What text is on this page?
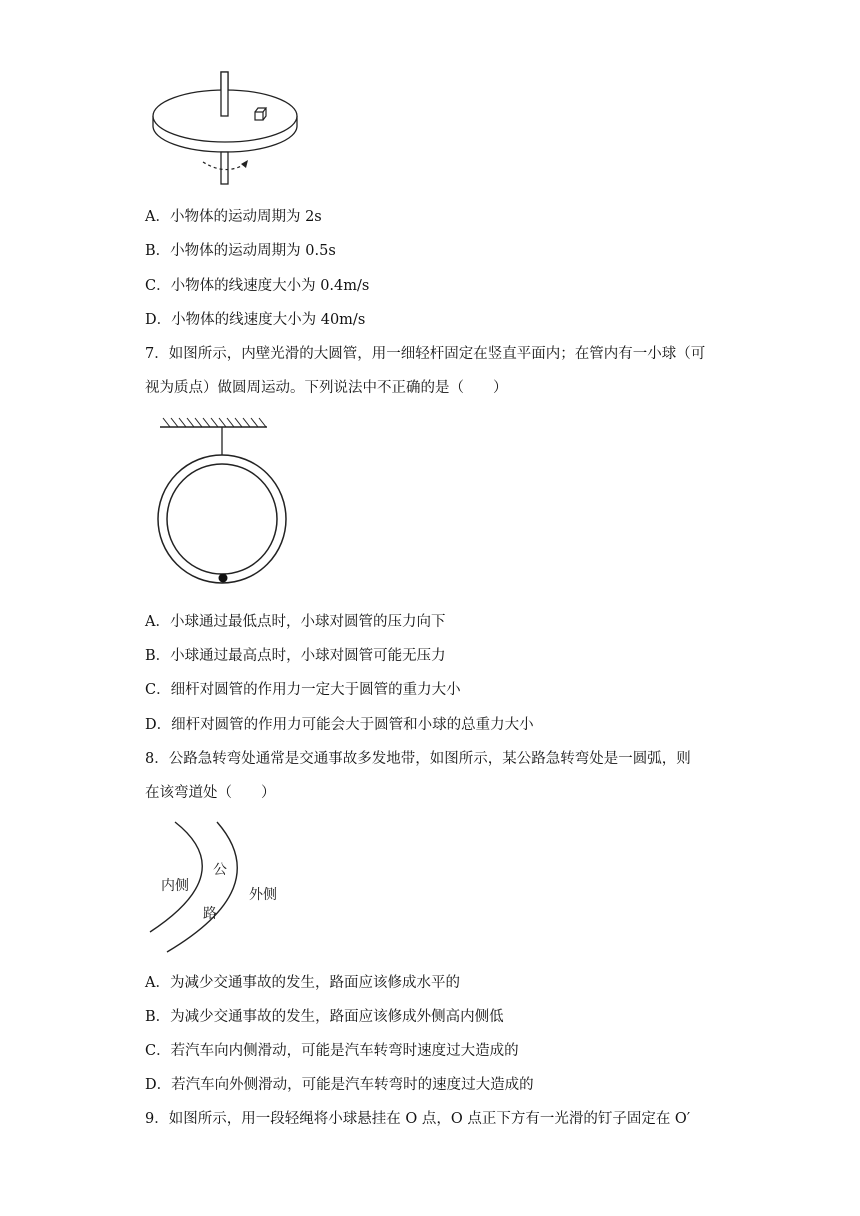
A．小物体的运动周期为 2s
B．小物体的运动周期为 0.5s
C．小物体的线速度大小为 0.4m/s
D．小物体的线速度大小为 40m/s
7．如图所示，内壁光滑的大圆管，用一细轻杆固定在竖直平面内；在管内有一小球（可
视为质点）做圆周运动。下列说法中不正确的是（　　）
A．小球通过最低点时，小球对圆管的压力向下
B．小球通过最高点时，小球对圆管可能无压力
C．细杆对圆管的作用力一定大于圆管的重力大小
D．细杆对圆管的作用力可能会大于圆管和小球的总重力大小
8．公路急转弯处通常是交通事故多发地带，如图所示，某公路急转弯处是一圆弧，则
在该弯道处（　　）
内侧
公
路
外侧
A．为减少交通事故的发生，路面应该修成水平的
B．为减少交通事故的发生，路面应该修成外侧高内侧低
C．若汽车向内侧滑动，可能是汽车转弯时速度过大造成的
D．若汽车向外侧滑动，可能是汽车转弯时的速度过大造成的
9．如图所示，用一段轻绳将小球悬挂在 O 点，O 点正下方有一光滑的钉子固定在 O′
